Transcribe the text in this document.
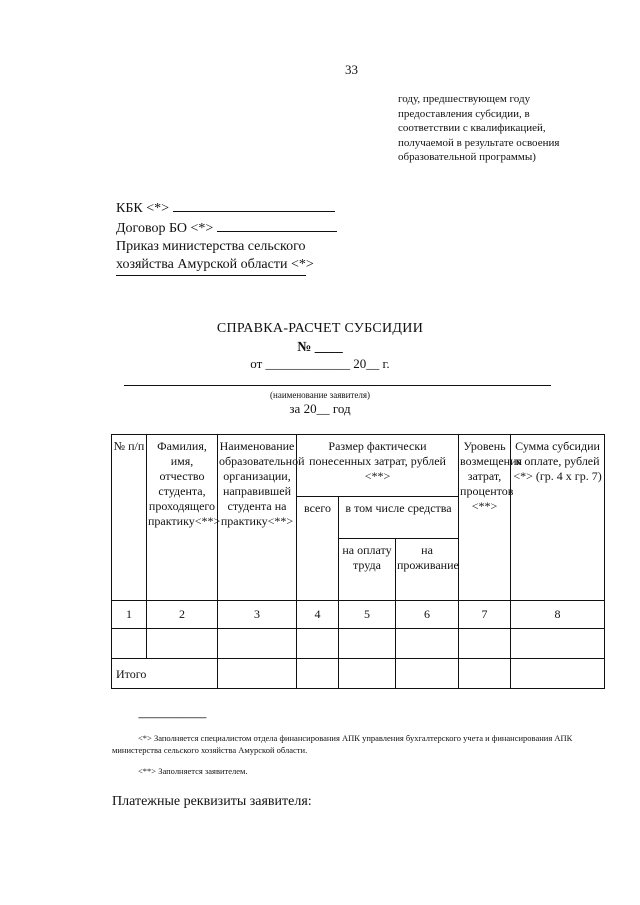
33
году, предшествующем году
предоставления субсидии, в
соответствии с квалификацией,
получаемой в результате освоения
образовательной программы)
КБК <*>
Договор БО <*>
Приказ министерства сельского
хозяйства Амурской области <*>
СПРАВКА-РАСЧЕТ СУБСИДИИ
№ ____
от _____________ 20__ г.
(наименование заявителя)
за 20__ год
№ п/п	Фамилия, имя, отчество студента, проходящего практику<**>	Наименование образовательной организации, направившей студента на практику<**>	Размер фактически понесенных затрат, рублей <**>			Уровень возмещения затрат, процентов <**>	Сумма субсидии к оплате, рублей <*> (гр. 4 x гр. 7)
			всего	в том числе средства			
				на оплату труда	на проживание		
1	2	3	4	5	6	7	8

Итого							
----------------------------------
<*> Заполняется специалистом отдела финансирования АПК управления бухгалтерского учета и финансирования АПК министерства сельского хозяйства Амурской области.
<**> Заполняется заявителем.
Платежные реквизиты заявителя:
